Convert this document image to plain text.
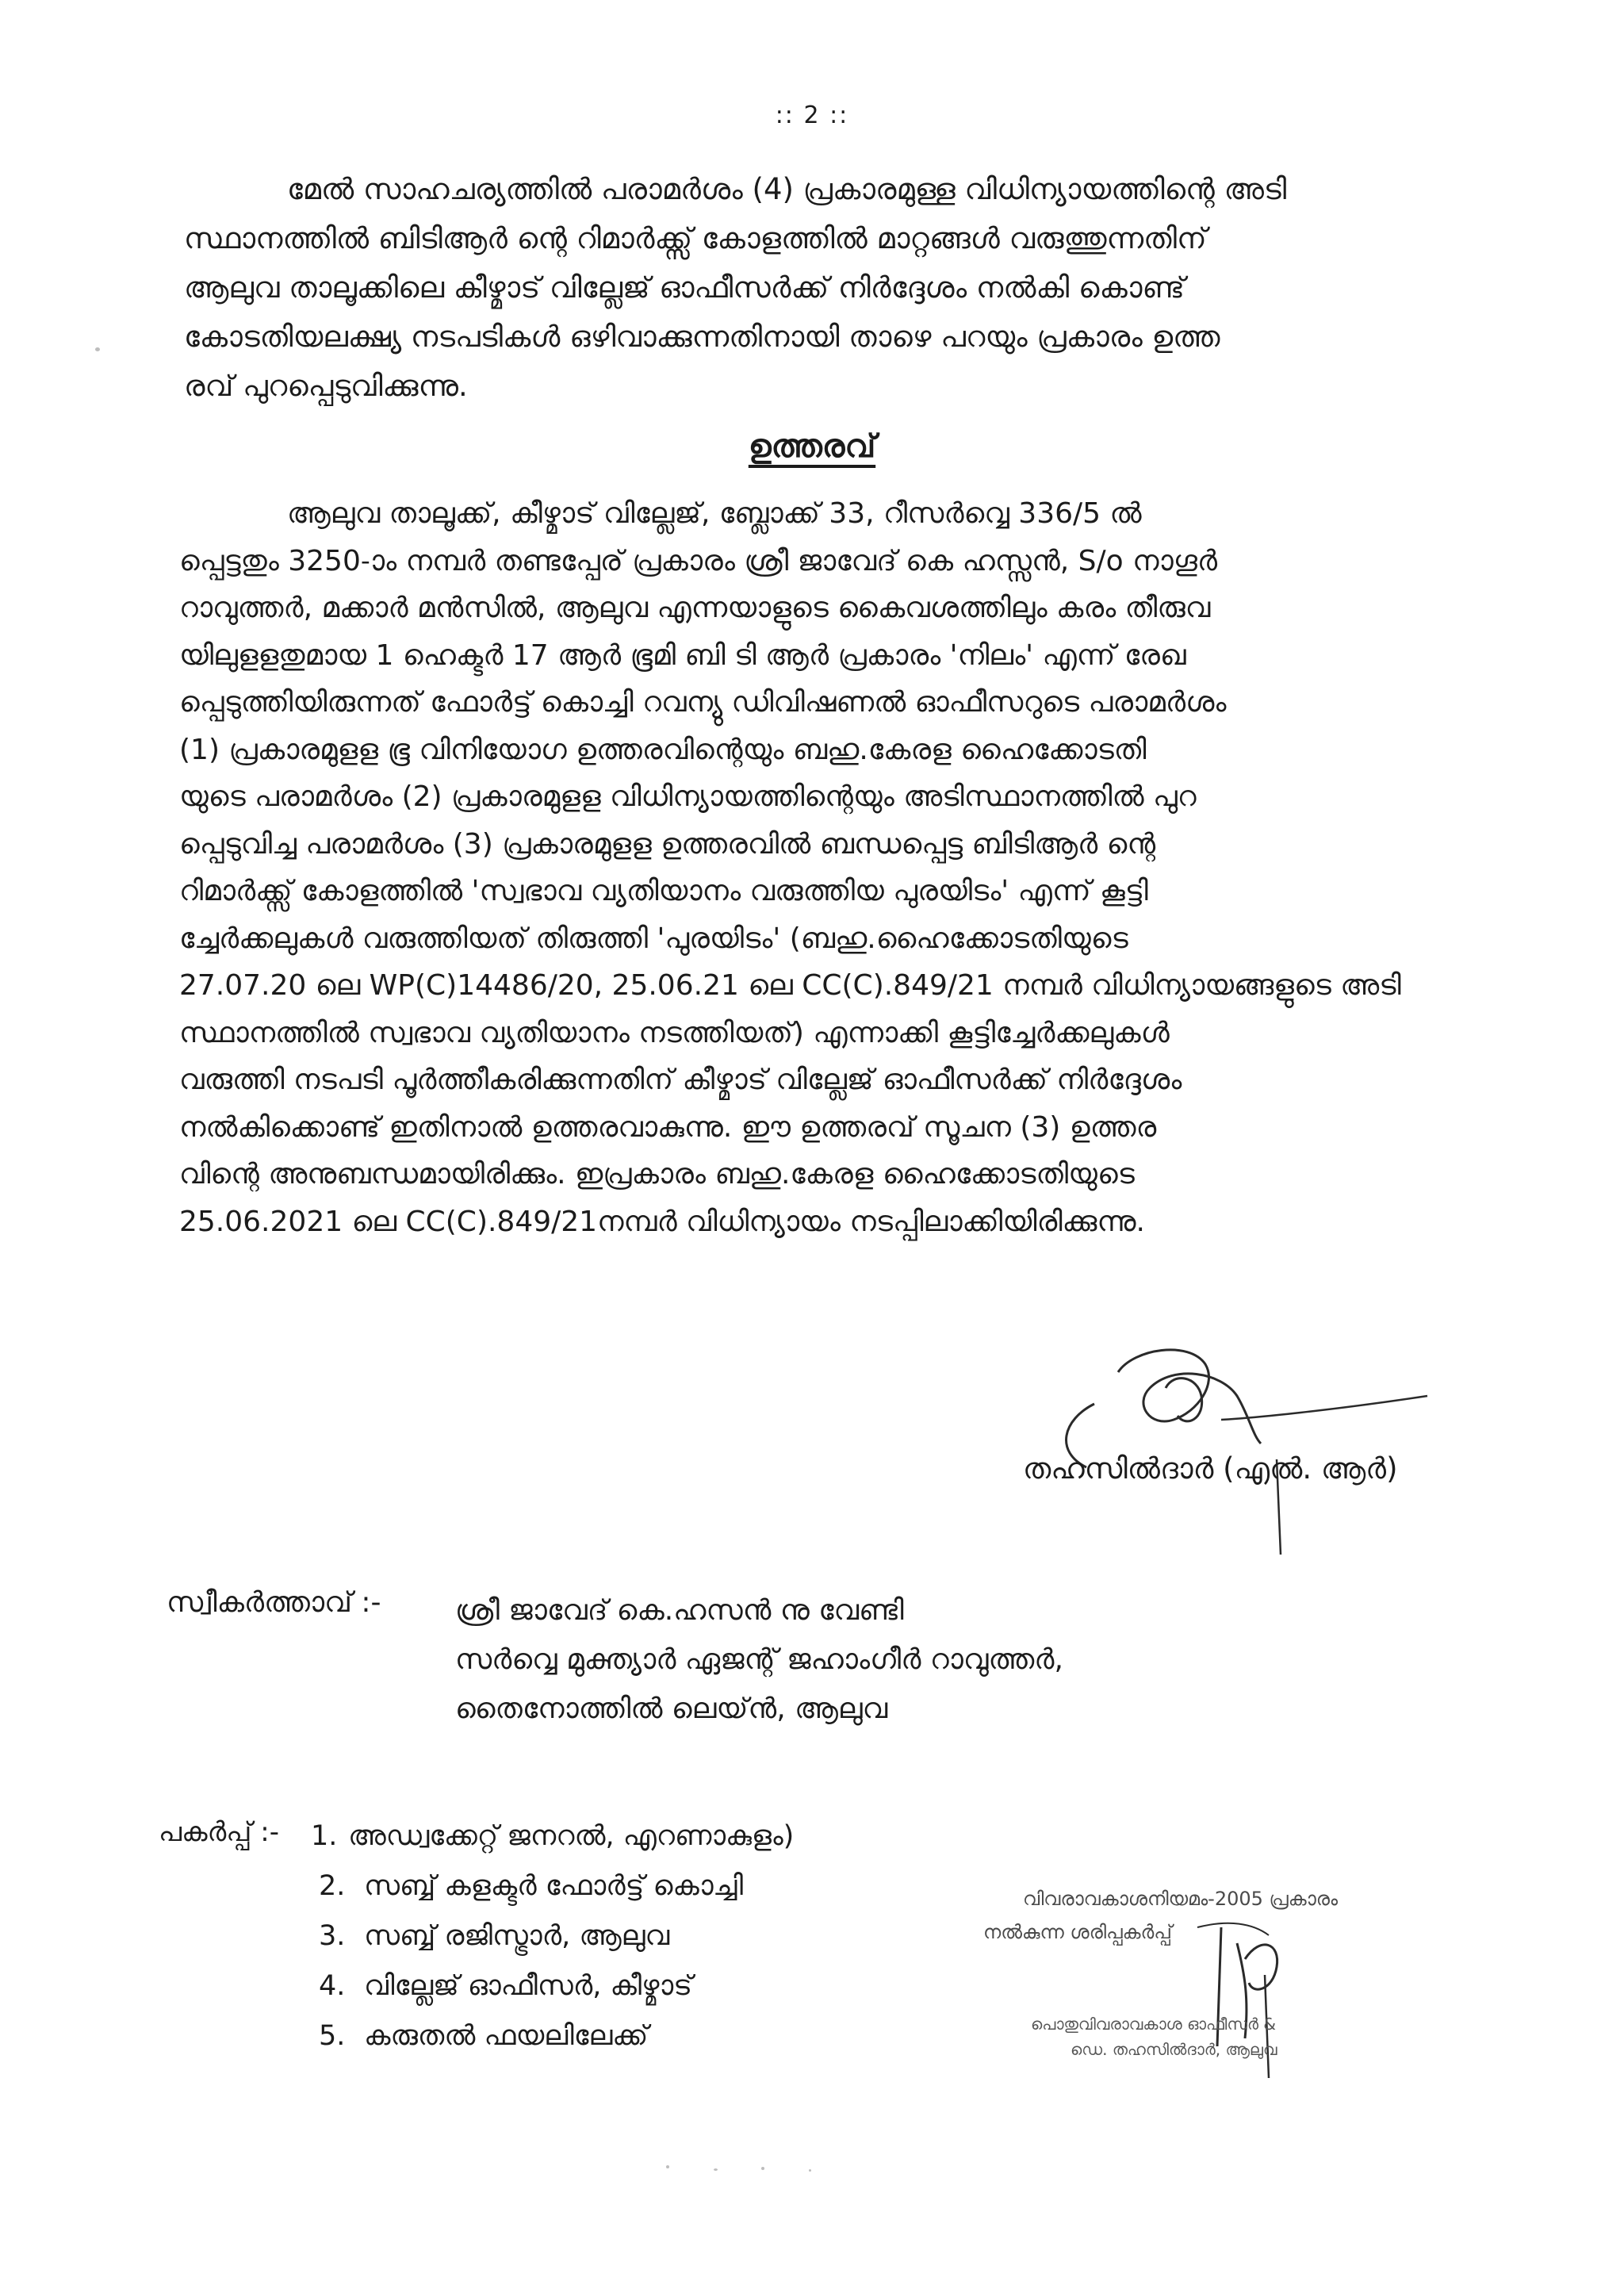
:: 2 ::

മേൽ സാഹചര്യത്തിൽ പരാമർശം (4) പ്രകാരമുള്ള വിധിന്യായത്തിന്റെ അടി
സ്ഥാനത്തിൽ ബിടിആർ ന്റെ റിമാർക്ക്സ് കോളത്തിൽ മാറ്റങ്ങൾ വരുത്തുന്നതിന്
ആലുവ താലൂക്കിലെ കീഴ്മാട് വില്ലേജ് ഓഫീസർക്ക് നിർദ്ദേശം നൽകി കൊണ്ട്
കോടതിയലക്ഷ്യ നടപടികൾ ഒഴിവാക്കുന്നതിനായി താഴെ പറയും പ്രകാരം ഉത്ത
രവ് പുറപ്പെടുവിക്കുന്നു.

ഉത്തരവ്

ആലുവ താലൂക്ക്, കീഴ്മാട് വില്ലേജ്, ബ്ലോക്ക് 33, റീസർവ്വെ 336/5 ൽ
പ്പെട്ടതും 3250-ാം നമ്പർ തണ്ടപ്പേര് പ്രകാരം ശ്രീ ജാവേദ് കെ ഹസ്സൻ, S/o നാഗൂർ
റാവുത്തർ, മക്കാർ മൻസിൽ, ആലുവ എന്നയാളുടെ കൈവശത്തിലും കരം തീരുവ
യിലുളളതുമായ 1 ഹെക്ടർ 17 ആർ ഭൂമി ബി ടി ആർ പ്രകാരം 'നിലം' എന്ന് രേഖ
പ്പെടുത്തിയിരുന്നത് ഫോർട്ട് കൊച്ചി റവന്യു ഡിവിഷണൽ ഓഫീസറുടെ പരാമർശം
(1) പ്രകാരമുളള ഭൂ വിനിയോഗ ഉത്തരവിന്റെയും ബഹു.കേരള ഹൈക്കോടതി
യുടെ പരാമർശം (2) പ്രകാരമുളള വിധിന്യായത്തിന്റെയും അടിസ്ഥാനത്തിൽ പുറ
പ്പെടുവിച്ച പരാമർശം (3) പ്രകാരമുളള ഉത്തരവിൽ ബന്ധപ്പെട്ട ബിടിആർ ന്റെ
റിമാർക്ക്സ് കോളത്തിൽ 'സ്വഭാവ വ്യതിയാനം വരുത്തിയ പുരയിടം' എന്ന് കൂട്ടി
ച്ചേർക്കലുകൾ വരുത്തിയത് തിരുത്തി 'പുരയിടം' (ബഹു.ഹൈക്കോടതിയുടെ
27.07.20 ലെ WP(C)14486/20, 25.06.21 ലെ CC(C).849/21 നമ്പർ വിധിന്യായങ്ങളുടെ അടി
സ്ഥാനത്തിൽ സ്വഭാവ വ്യതിയാനം നടത്തിയത്) എന്നാക്കി കൂട്ടിച്ചേർക്കലുകൾ
വരുത്തി നടപടി പൂർത്തീകരിക്കുന്നതിന് കീഴ്മാട് വില്ലേജ് ഓഫീസർക്ക് നിർദ്ദേശം
നൽകിക്കൊണ്ട് ഇതിനാൽ ഉത്തരവാകുന്നു. ഈ ഉത്തരവ് സൂചന (3) ഉത്തര
വിന്റെ അനുബന്ധമായിരിക്കും. ഇപ്രകാരം ബഹു.കേരള ഹൈക്കോടതിയുടെ
25.06.2021 ലെ CC(C).849/21നമ്പർ വിധിന്യായം നടപ്പിലാക്കിയിരിക്കുന്നു.

തഹസിൽദാർ (എൽ. ആർ)
സ്വീകർത്താവ് :-	ശ്രീ ജാവേദ് കെ.ഹസൻ നു വേണ്ടി
സർവ്വെ മുക്ത്യാർ ഏജന്റ് ജഹാംഗീർ റാവുത്തർ,
തൈനോത്തിൽ ലെയ്ൻ, ആലുവ
പകർപ്പ് :- 1. അഡ്വക്കേറ്റ് ജനറൽ, എറണാകുളം)
2. സബ്ബ് കളക്ടർ ഫോർട്ട് കൊച്ചി
3. സബ്ബ് രജിസ്ട്രാർ, ആലുവ
4. വില്ലേജ് ഓഫീസർ, കീഴ്മാട്
5. കരുതൽ ഫയലിലേക്ക്
വിവരാവകാശനിയമം-2005 പ്രകാരം
നൽകുന്ന ശരിപ്പകർപ്പ്
പൊതുവിവരാവകാശ ഓഫീസർ &
ഡെ. തഹസിൽദാർ, ആലുവ
